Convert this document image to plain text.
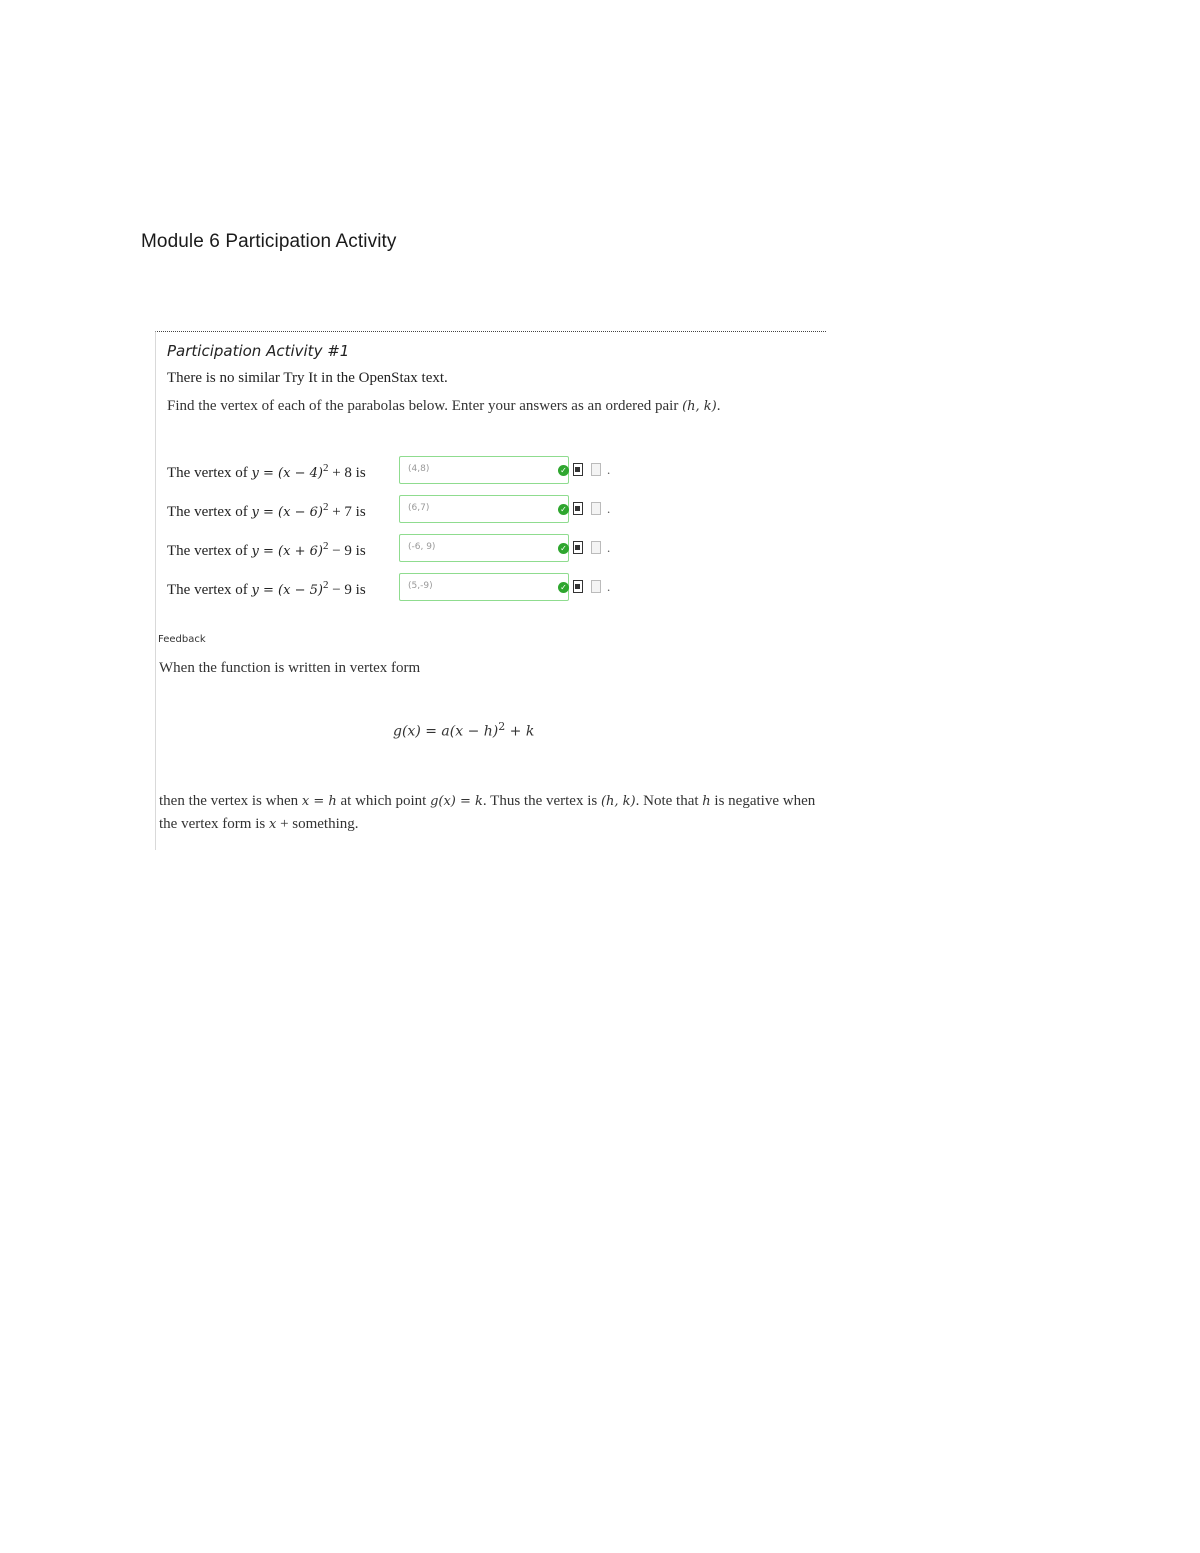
Module 6 Participation Activity
Participation Activity #1
There is no similar Try It in the OpenStax text.
Find the vertex of each of the parabolas below. Enter your answers as an ordered pair (h, k).
The vertex of $y = (x - 4)^2 + 8$ is	(4,8)	✓	.
The vertex of $y = (x - 6)^2 + 7$ is	(6,7)	✓	.
The vertex of $y = (x + 6)^2 - 9$ is	(-6, 9)	✓	.
The vertex of $y = (x - 5)^2 - 9$ is	(5,-9)	✓	.
Feedback
When the function is written in vertex form
$g(x) = a(x - h)^2 + k$
then the vertex is when x = h at which point g(x) = k. Thus the vertex is (h, k). Note that h is negative when the vertex form is x + something.
